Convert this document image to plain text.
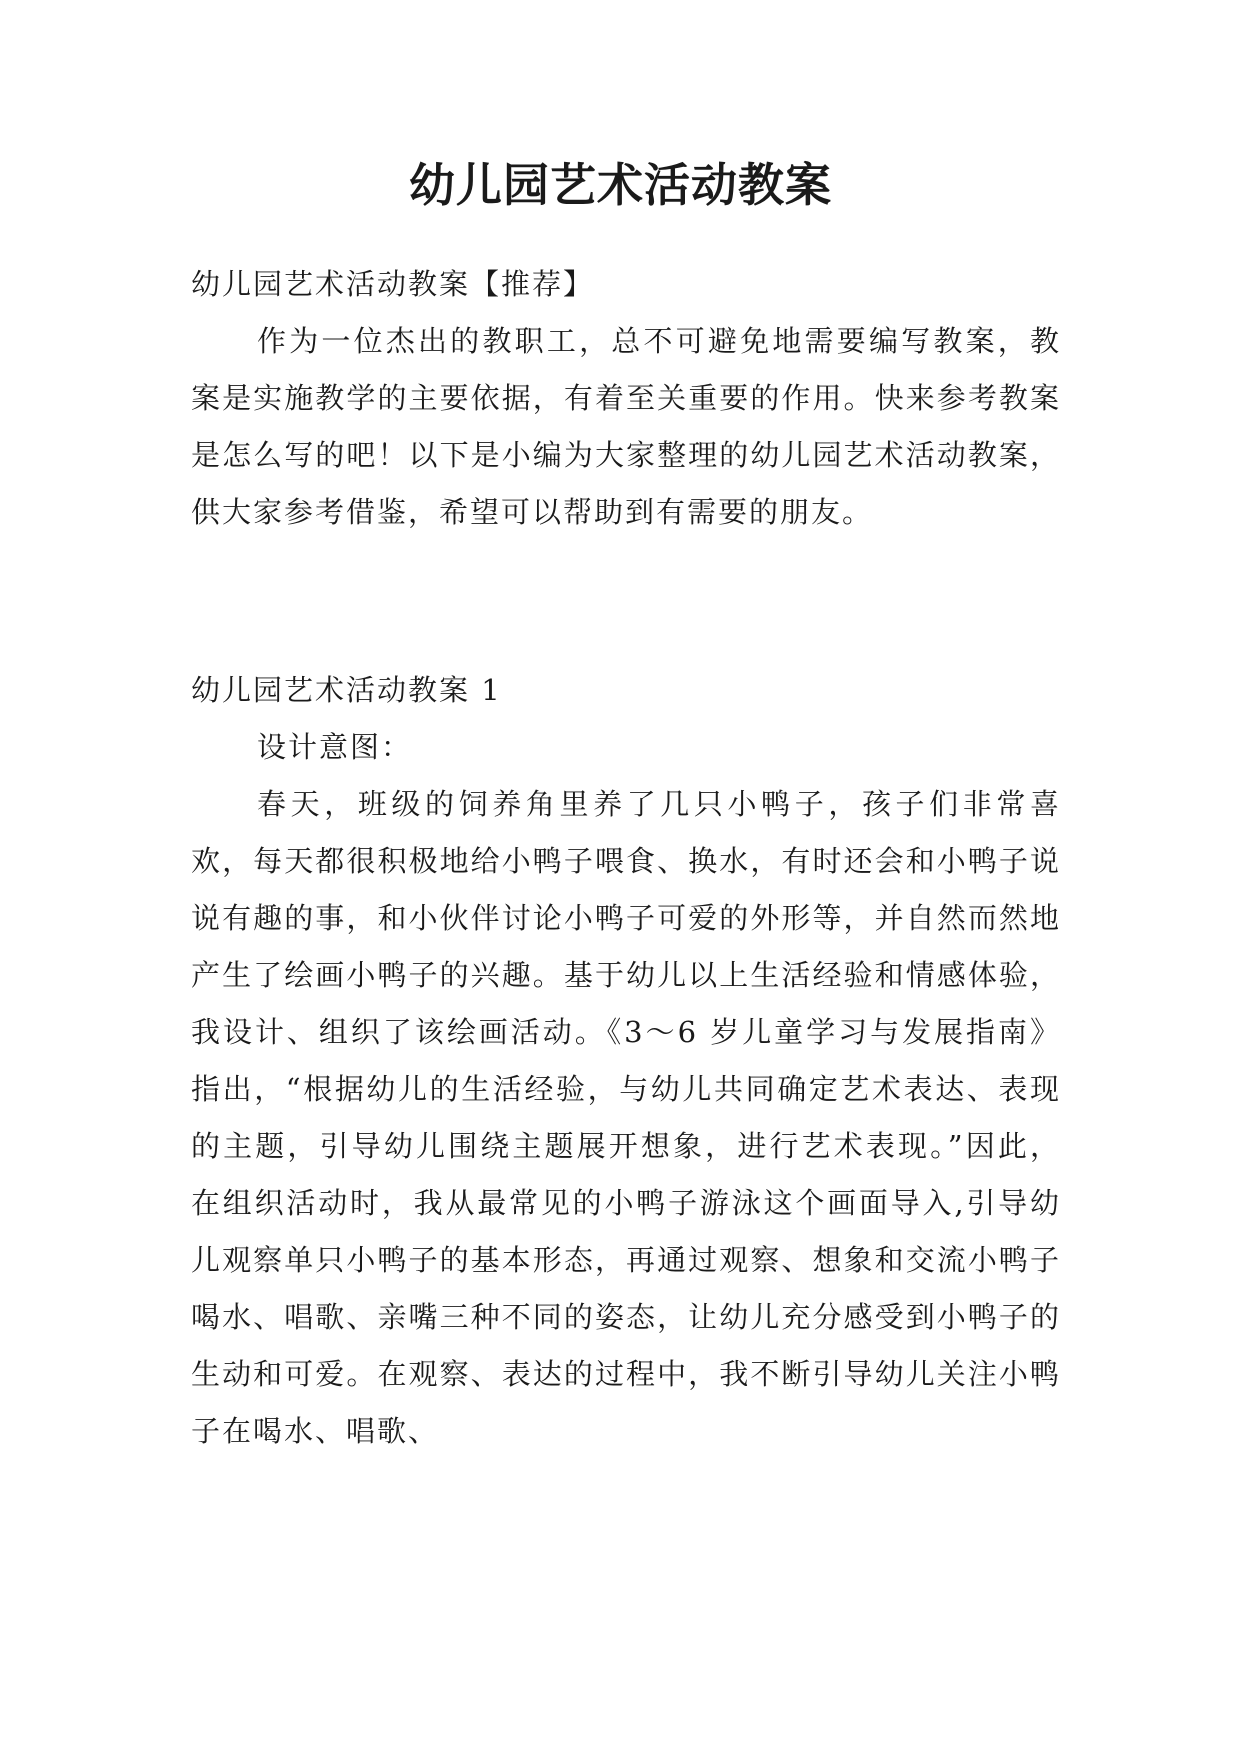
幼儿园艺术活动教案

幼儿园艺术活动教案【推荐】

作为一位杰出的教职工，总不可避免地需要编写教案，教案是实施教学的主要依据，有着至关重要的作用。快来参考教案是怎么写的吧！以下是小编为大家整理的幼儿园艺术活动教案，供大家参考借鉴，希望可以帮助到有需要的朋友。

幼儿园艺术活动教案 1

设计意图：

春天，班级的饲养角里养了几只小鸭子，孩子们非常喜欢，每天都很积极地给小鸭子喂食、换水，有时还会和小鸭子说说有趣的事，和小伙伴讨论小鸭子可爱的外形等，并自然而然地产生了绘画小鸭子的兴趣。基于幼儿以上生活经验和情感体验，我设计、组织了该绘画活动。《3～6 岁儿童学习与发展指南》指出，“根据幼儿的生活经验，与幼儿共同确定艺术表达、表现的主题，引导幼儿围绕主题展开想象，进行艺术表现。”因此，在组织活动时，我从最常见的小鸭子游泳这个画面导入,引导幼儿观察单只小鸭子的基本形态，再通过观察、想象和交流小鸭子喝水、唱歌、亲嘴三种不同的姿态，让幼儿充分感受到小鸭子的生动和可爱。在观察、表达的过程中，我不断引导幼儿关注小鸭子在喝水、唱歌、
